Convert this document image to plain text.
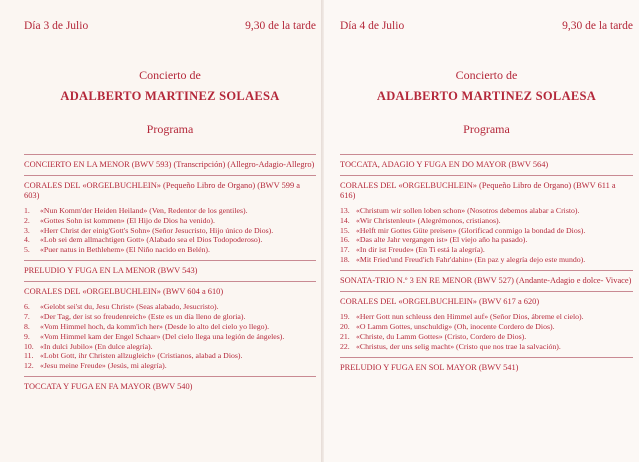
Día 3 de Julio	9,30 de la tarde
Concierto de
ADALBERTO MARTINEZ SOLAESA
Programa
CONCIERTO EN LA MENOR (BWV 593) (Transcripción) (Allegro-Adagio-Allegro)
CORALES DEL «ORGELBUCHLEIN» (Pequeño Libro de Organo) (BWV 599 a 603)
1.	«Nun Komm'der Heiden Heiland» (Ven, Redentor de los gentiles).
2.	«Gottes Sohn ist kommen» (El Hijo de Dios ha venido).
3.	«Herr Christ der einig'Gott's Sohn» (Señor Jesucristo, Hijo único de Dios).
4.	«Lob sei dem allmachtigen Gott» (Alabado sea el Dios Todopoderoso).
5.	«Puer natus in Bethlehem» (El Niño nacido en Belén).
PRELUDIO Y FUGA EN LA MENOR (BWV 543)
CORALES DEL «ORGELBUCHLEIN» (BWV 604 a 610)
6.	«Gelobt sei'st du, Jesu Christ» (Seas alabado, Jesucristo).
7.	«Der Tag, der ist so freudenreich» (Este es un día lleno de gloria).
8.	«Vom Himmel hoch, da komm'ich her» (Desde lo alto del cielo yo llego).
9.	«Vom Himmel kam der Engel Schaar» (Del cielo llega una legión de ángeles).
10. «In dulci Jubilo» (En dulce alegría).
11. «Lobt Gott, ihr Christen allzugleich» (Cristianos, alabad a Dios).
12. «Jesu meine Freude» (Jesús, mi alegría).
TOCCATA Y FUGA EN FA MAYOR (BWV 540)
Día 4 de Julio	9,30 de la tarde
Concierto de
ADALBERTO MARTINEZ SOLAESA
Programa
TOCCATA, ADAGIO Y FUGA EN DO MAYOR (BWV 564)
CORALES DEL «ORGELBUCHLEIN» (Pequeño Libro de Organo) (BWV 611 a 616)
13. «Christum wir sollen loben schon» (Nosotros debemos alabar a Cristo).
14. «Wir Christenleut» (Alegrémonos, cristianos).
15. «Helft mir Gottes Güte preisen» (Glorificad conmigo la bondad de Dios).
16. «Das alte Jahr vergangen ist» (El viejo año ha pasado).
17. «In dir ist Freude» (En Ti está la alegría).
18. «Mit Fried'und Freud'ich Fahr'dahin» (En paz y alegría dejo este mundo).
SONATA-TRIO N.º 3 EN RE MENOR (BWV 527) (Andante-Adagio e dolce- Vivace)
CORALES DEL «ORGELBUCHLEIN» (BWV 617 a 620)
19. «Herr Gott nun schleuss den Himmel auf» (Señor Dios, ábreme el cielo).
20. «O Lamm Gottes, unschuldig» (Oh, inocente Cordero de Dios).
21. «Christe, du Lamm Gottes» (Cristo, Cordero de Dios).
22. «Christus, der uns selig macht» (Cristo que nos trae la salvación).
PRELUDIO Y FUGA EN SOL MAYOR (BWV 541)
